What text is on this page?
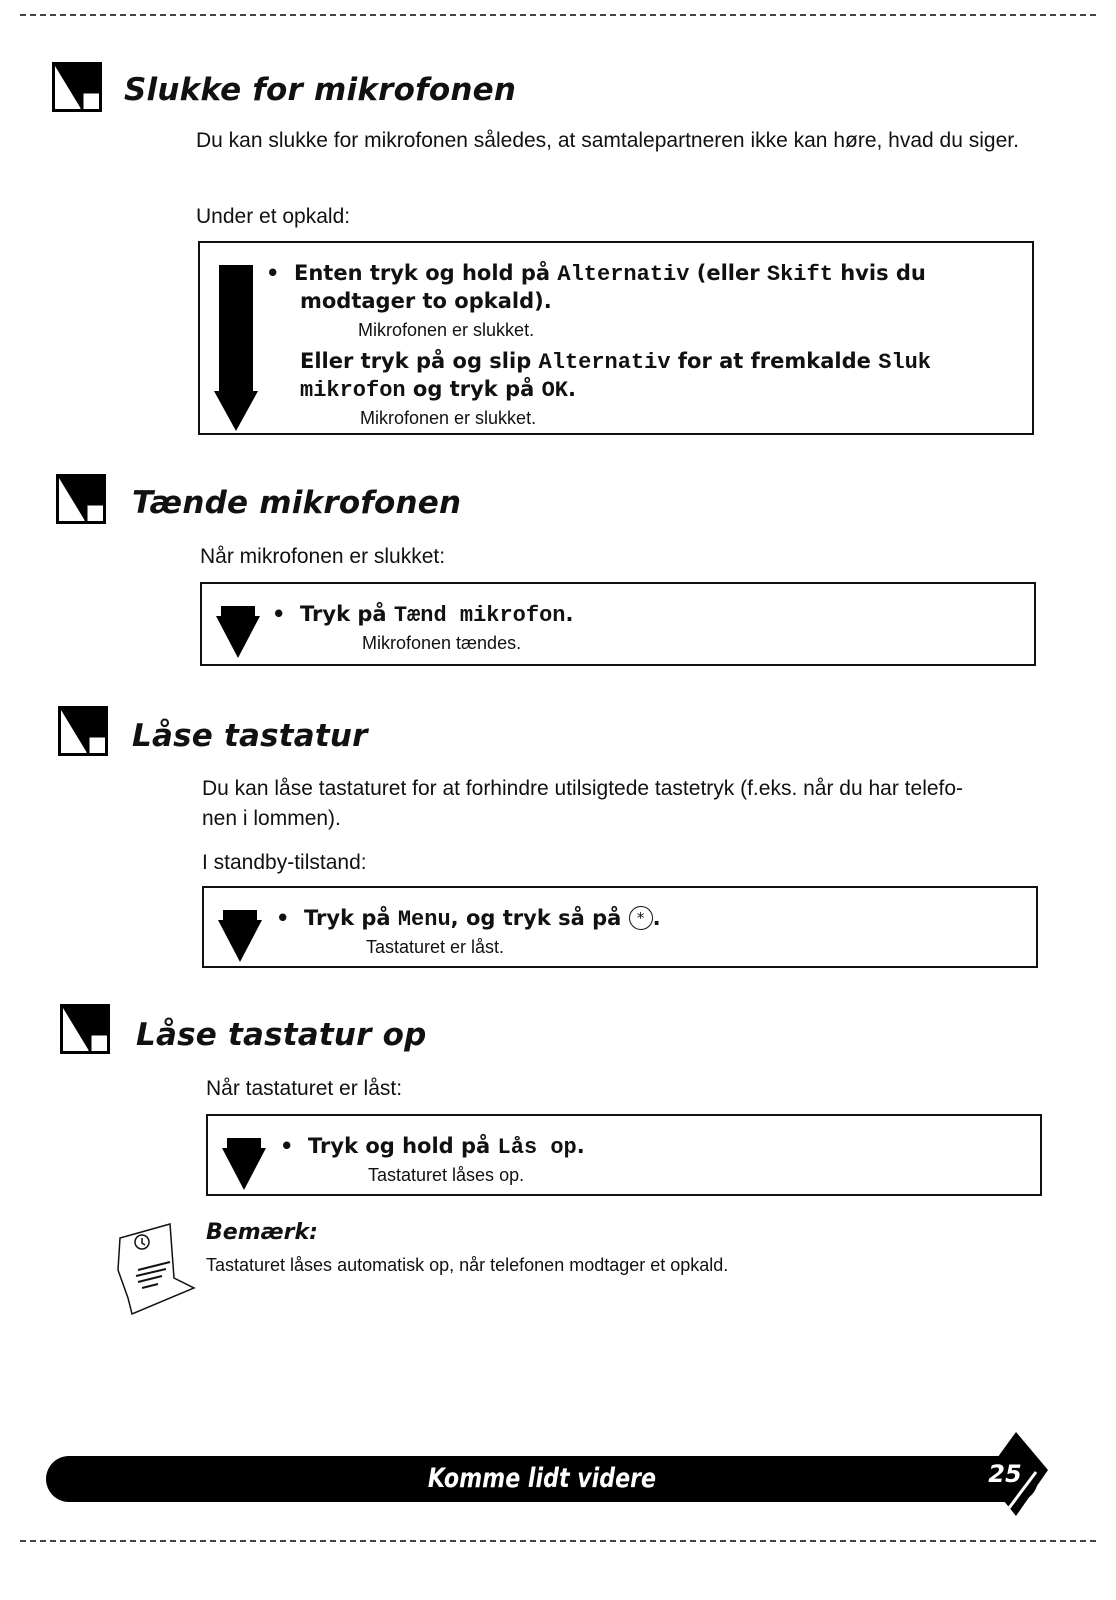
Slukke for mikrofonen

Du kan slukke for mikrofonen således, at samtalepartneren ikke kan høre, hvad du siger.

Under et opkald:

• Enten tryk og hold på Alternativ (eller Skift hvis du
modtager to opkald).
Mikrofonen er slukket.
Eller tryk på og slip Alternativ for at fremkalde Sluk
mikrofon og tryk på OK.
Mikrofonen er slukket.
Tænde mikrofonen

Når mikrofonen er slukket:

• Tryk på Tænd mikrofon.
Mikrofonen tændes.
Låse tastatur

Du kan låse tastaturet for at forhindre utilsigtede tastetryk (f.eks. når du har telefo-

nen i lommen).

I standby-tilstand:

• Tryk på Menu, og tryk så på * .
Tastaturet er låst.
Låse tastatur op

Når tastaturet er låst:

• Tryk og hold på Lås op.
Tastaturet låses op.
Bemærk:
Tastaturet låses automatisk op, når telefonen modtager et opkald.
Komme lidt videre	25
